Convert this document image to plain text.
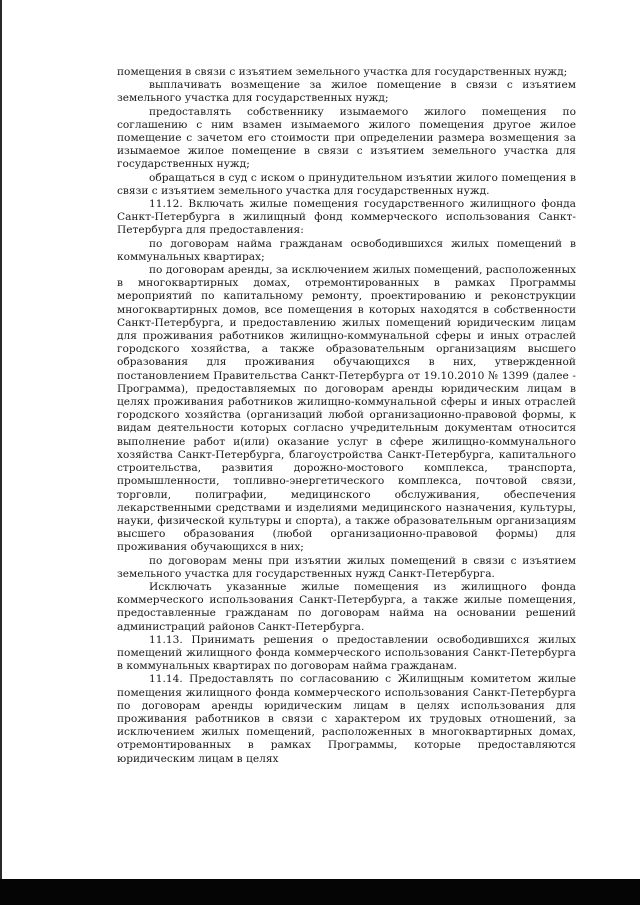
помещения в связи с изъятием земельного участка для государственных нужд;

выплачивать возмещение за жилое помещение в связи с изъятием земельного участка для государственных нужд;

предоставлять собственнику изымаемого жилого помещения по соглашению с ним взамен изымаемого жилого помещения другое жилое помещение с зачетом его стоимости при определении размера возмещения за изымаемое жилое помещение в связи с изъятием земельного участка для государственных нужд;

обращаться в суд с иском о принудительном изъятии жилого помещения в связи с изъятием земельного участка для государственных нужд.

11.12. Включать жилые помещения государственного жилищного фонда Санкт-Петербурга в жилищный фонд коммерческого использования Санкт-Петербурга для предоставления:

по договорам найма гражданам освободившихся жилых помещений в коммунальных квартирах;

по договорам аренды, за исключением жилых помещений, расположенных в многоквартирных домах, отремонтированных в рамках Программы мероприятий по капитальному ремонту, проектированию и реконструкции многоквартирных домов, все помещения в которых находятся в собственности Санкт-Петербурга, и предоставлению жилых помещений юридическим лицам для проживания работников жилищно-коммунальной сферы и иных отраслей городского хозяйства, а также образовательным организациям высшего образования для проживания обучающихся в них, утвержденной постановлением Правительства Санкт-Петербурга от 19.10.2010 № 1399 (далее - Программа), предоставляемых по договорам аренды юридическим лицам в целях проживания работников жилищно-коммунальной сферы и иных отраслей городского хозяйства (организаций любой организационно-правовой формы, к видам деятельности которых согласно учредительным документам относится выполнение работ и(или) оказание услуг в сфере жилищно-коммунального хозяйства Санкт-Петербурга, благоустройства Санкт-Петербурга, капитального строительства, развития дорожно-мостового комплекса, транспорта, промышленности, топливно-энергетического комплекса, почтовой связи, торговли, полиграфии, медицинского обслуживания, обеспечения лекарственными средствами и изделиями медицинского назначения, культуры, науки, физической культуры и спорта), а также образовательным организациям высшего образования (любой организационно-правовой формы) для проживания обучающихся в них;

по договорам мены при изъятии жилых помещений в связи с изъятием земельного участка для государственных нужд Санкт-Петербурга.

Исключать указанные жилые помещения из жилищного фонда коммерческого использования Санкт-Петербурга, а также жилые помещения, предоставленные гражданам по договорам найма на основании решений администраций районов Санкт-Петербурга.

11.13. Принимать решения о предоставлении освободившихся жилых помещений жилищного фонда коммерческого использования Санкт-Петербурга в коммунальных квартирах по договорам найма гражданам.

11.14. Предоставлять по согласованию с Жилищным комитетом жилые помещения жилищного фонда коммерческого использования Санкт-Петербурга по договорам аренды юридическим лицам в целях использования для проживания работников в связи с характером их трудовых отношений, за исключением жилых помещений, расположенных в многоквартирных домах, отремонтированных в рамках Программы, которые предоставляются юридическим лицам в целях
